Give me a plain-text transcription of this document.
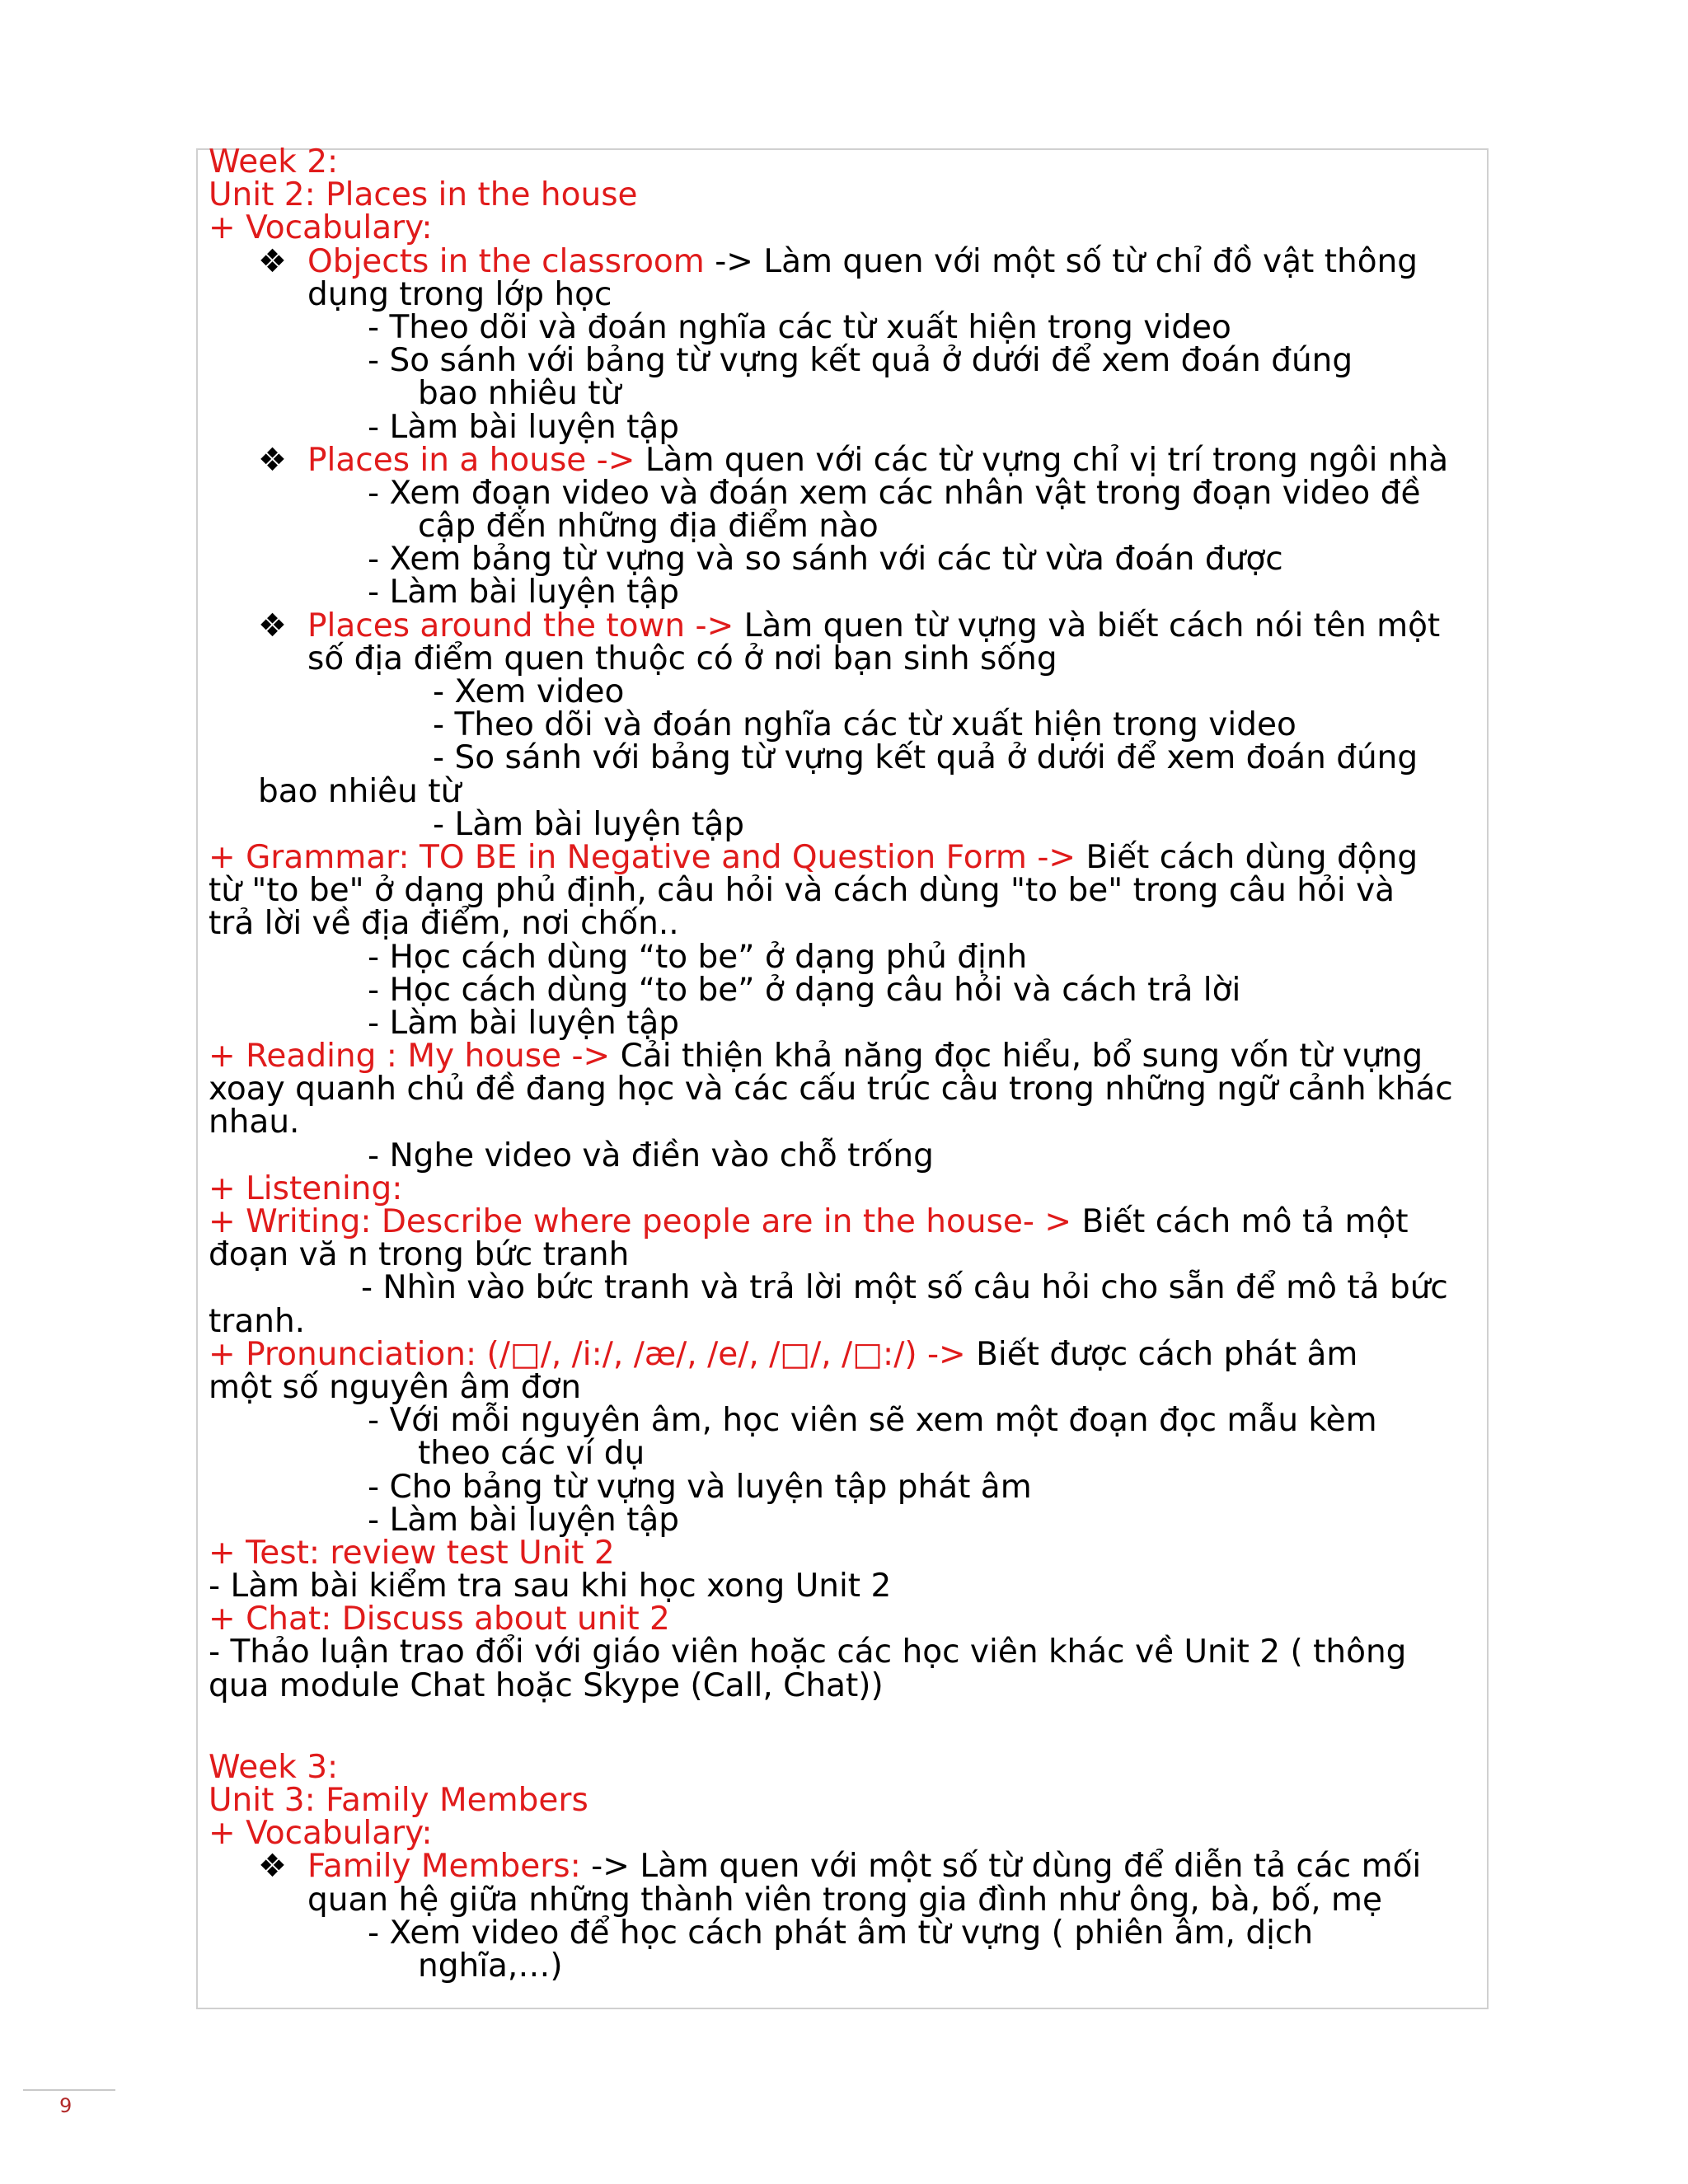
Week 2:
Unit 2: Places in the house
+ Vocabulary:
❖ Objects in the classroom -> Làm quen với một số từ chỉ đồ vật thông
dụng trong lớp học
- Theo dõi và đoán nghĩa các từ xuất hiện trong video
- So sánh với bảng từ vựng kết quả ở dưới để xem đoán đúng
bao nhiêu từ
- Làm bài luyện tập
❖ Places in a house -> Làm quen với các từ vựng chỉ vị trí trong ngôi nhà
- Xem đoạn video và đoán xem các nhân vật trong đoạn video đề
cập đến những địa điểm nào
- Xem bảng từ vựng và so sánh với các từ vừa đoán được
- Làm bài luyện tập
❖ Places around the town -> Làm quen từ vựng và biết cách nói tên một
số địa điểm quen thuộc có ở nơi bạn sinh sống
- Xem video
- Theo dõi và đoán nghĩa các từ xuất hiện trong video
- So sánh với bảng từ vựng kết quả ở dưới để xem đoán đúng
bao nhiêu từ
- Làm bài luyện tập
+ Grammar: TO BE in Negative and Question Form -> Biết cách dùng động
từ "to be" ở dạng phủ định, câu hỏi và cách dùng "to be" trong câu hỏi và
trả lời về địa điểm, nơi chốn..
- Học cách dùng “to be” ở dạng phủ định
- Học cách dùng “to be” ở dạng câu hỏi và cách trả lời
- Làm bài luyện tập
+ Reading : My house -> Cải thiện khả năng đọc hiểu, bổ sung vốn từ vựng
xoay quanh chủ đề đang học và các cấu trúc câu trong những ngữ cảnh khác
nhau.
- Nghe video và điền vào chỗ trống
+ Listening:
+ Writing: Describe where people are in the house- > Biết cách mô tả một
đoạn vă n trong bức tranh
- Nhìn vào bức tranh và trả lời một số câu hỏi cho sẵn để mô tả bức
tranh.
+ Pronunciation: (/□/, /i:/, /æ/, /e/, /□/, /□:/) -> Biết được cách phát âm
một số nguyên âm đơn
- Với mỗi nguyên âm, học viên sẽ xem một đoạn đọc mẫu kèm
theo các ví dụ
- Cho bảng từ vựng và luyện tập phát âm
- Làm bài luyện tập
+ Test: review test Unit 2
- Làm bài kiểm tra sau khi học xong Unit 2
+ Chat: Discuss about unit 2
- Thảo luận trao đổi với giáo viên hoặc các học viên khác về Unit 2 ( thông
qua module Chat hoặc Skype (Call, Chat))
Week 3:
Unit 3: Family Members
+ Vocabulary:
❖ Family Members: -> Làm quen với một số từ dùng để diễn tả các mối
quan hệ giữa những thành viên trong gia đình như ông, bà, bố, mẹ
- Xem video để học cách phát âm từ vựng ( phiên âm, dịch
nghĩa,…)
9
